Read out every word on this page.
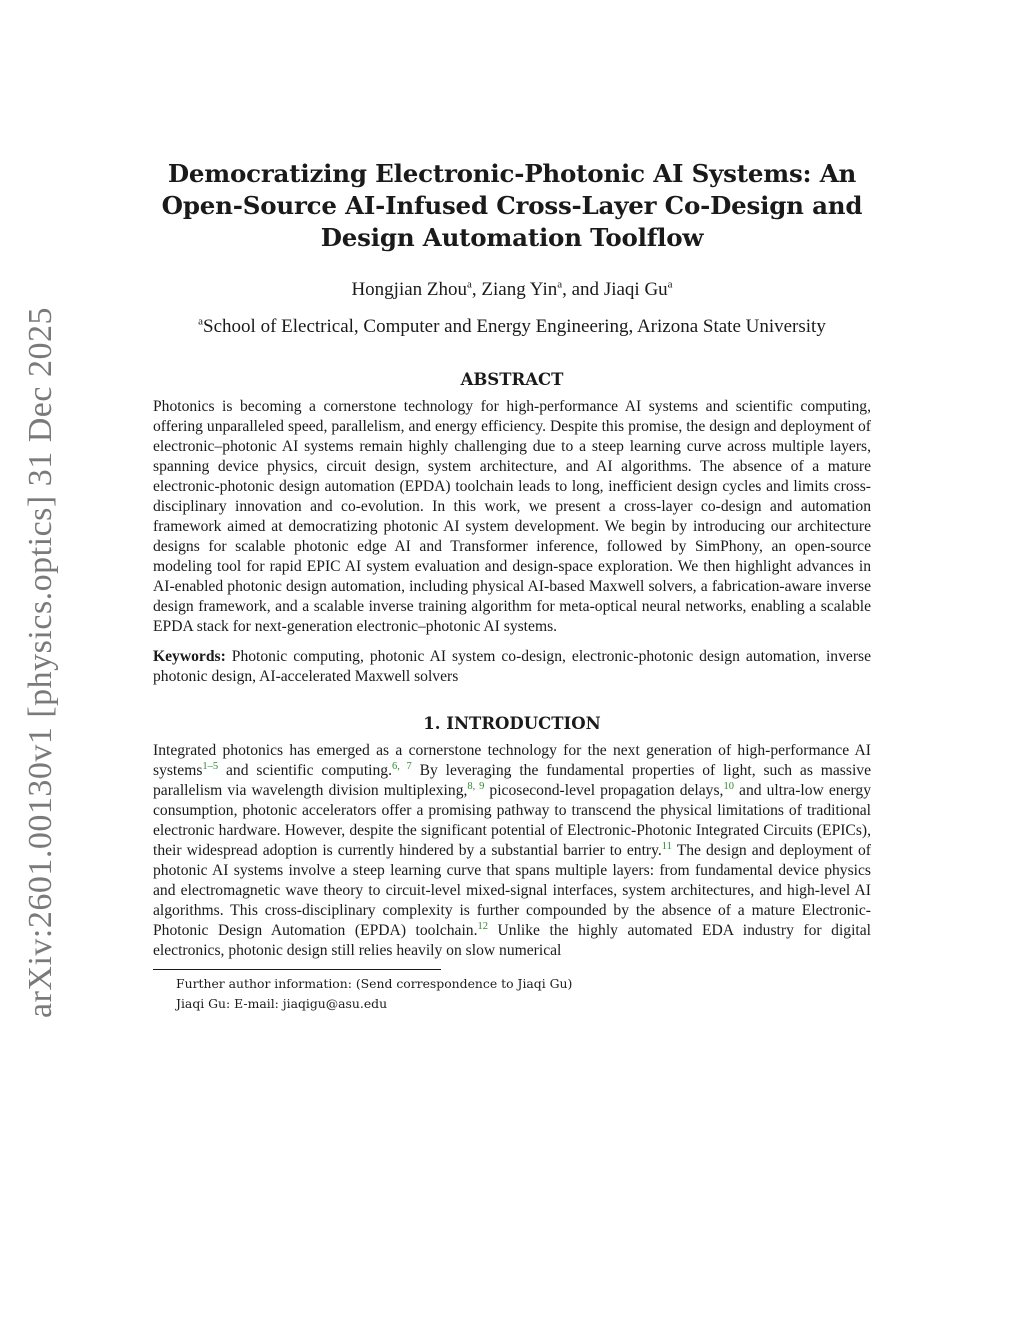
arXiv:2601.00130v1 [physics.optics] 31 Dec 2025
Democratizing Electronic-Photonic AI Systems: An
Open-Source AI-Infused Cross-Layer Co-Design and
Design Automation Toolflow
Hongjian Zhou$^a$, Ziang Yin$^a$, and Jiaqi Gu$^a$
$^a$School of Electrical, Computer and Energy Engineering, Arizona State University
ABSTRACT

Photonics is becoming a cornerstone technology for high-performance AI systems and scientific computing, offering unparalleled speed, parallelism, and energy efficiency. Despite this promise, the design and deployment of electronic–photonic AI systems remain highly challenging due to a steep learning curve across multiple layers, spanning device physics, circuit design, system architecture, and AI algorithms. The absence of a mature electronic-photonic design automation (EPDA) toolchain leads to long, inefficient design cycles and limits cross-disciplinary innovation and co-evolution. In this work, we present a cross-layer co-design and automation framework aimed at democratizing photonic AI system development. We begin by introducing our architecture designs for scalable photonic edge AI and Transformer inference, followed by SimPhony, an open-source modeling tool for rapid EPIC AI system evaluation and design-space exploration. We then highlight advances in AI-enabled photonic design automation, including physical AI-based Maxwell solvers, a fabrication-aware inverse design framework, and a scalable inverse training algorithm for meta-optical neural networks, enabling a scalable EPDA stack for next-generation electronic–photonic AI systems.

Keywords: Photonic computing, photonic AI system co-design, electronic-photonic design automation, inverse photonic design, AI-accelerated Maxwell solvers

1. INTRODUCTION

Integrated photonics has emerged as a cornerstone technology for the next generation of high-performance AI systems$^{1-5}$ and scientific computing.$^{6, 7}$ By leveraging the fundamental properties of light, such as massive parallelism via wavelength division multiplexing,$^{8, 9}$ picosecond-level propagation delays,$^{10}$ and ultra-low energy consumption, photonic accelerators offer a promising pathway to transcend the physical limitations of traditional electronic hardware. However, despite the significant potential of Electronic-Photonic Integrated Circuits (EPICs), their widespread adoption is currently hindered by a substantial barrier to entry.$^{11}$ The design and deployment of photonic AI systems involve a steep learning curve that spans multiple layers: from fundamental device physics and electromagnetic wave theory to circuit-level mixed-signal interfaces, system architectures, and high-level AI algorithms. This cross-disciplinary complexity is further compounded by the absence of a mature Electronic-Photonic Design Automation (EPDA) toolchain.$^{12}$ Unlike the highly automated EDA industry for digital electronics, photonic design still relies heavily on slow numerical

Further author information: (Send correspondence to Jiaqi Gu)
Jiaqi Gu: E-mail: jiaqigu@asu.edu
